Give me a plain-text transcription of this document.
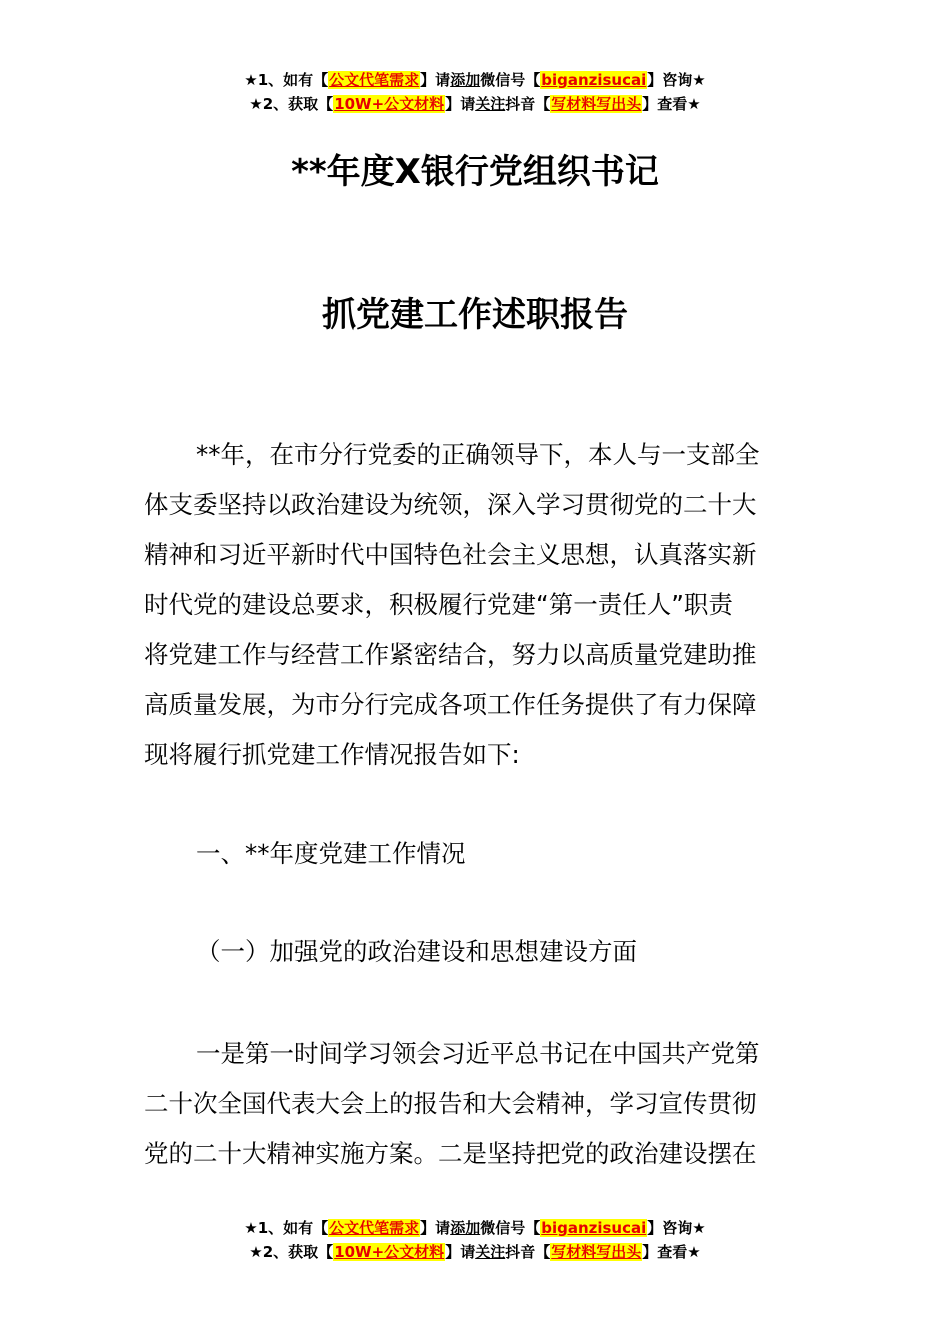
★1、如有【公文代笔需求】请添加微信号【biganzisucai】咨询★
★2、获取【10W+公文材料】请关注抖音【写材料写出头】查看★
**年度X银行党组织书记
抓党建工作述职报告
**年，在市分行党委的正确领导下，本人与一支部全
体支委坚持以政治建设为统领，深入学习贯彻党的二十大
精神和习近平新时代中国特色社会主义思想，认真落实新
时代党的建设总要求，积极履行党建“第一责任人”职责
将党建工作与经营工作紧密结合，努力以高质量党建助推
高质量发展，为市分行完成各项工作任务提供了有力保障
现将履行抓党建工作情况报告如下:
一、**年度党建工作情况
（一）加强党的政治建设和思想建设方面
一是第一时间学习领会习近平总书记在中国共产党第
二十次全国代表大会上的报告和大会精神，学习宣传贯彻
党的二十大精神实施方案。二是坚持把党的政治建设摆在
★1、如有【公文代笔需求】请添加微信号【biganzisucai】咨询★
★2、获取【10W+公文材料】请关注抖音【写材料写出头】查看★
